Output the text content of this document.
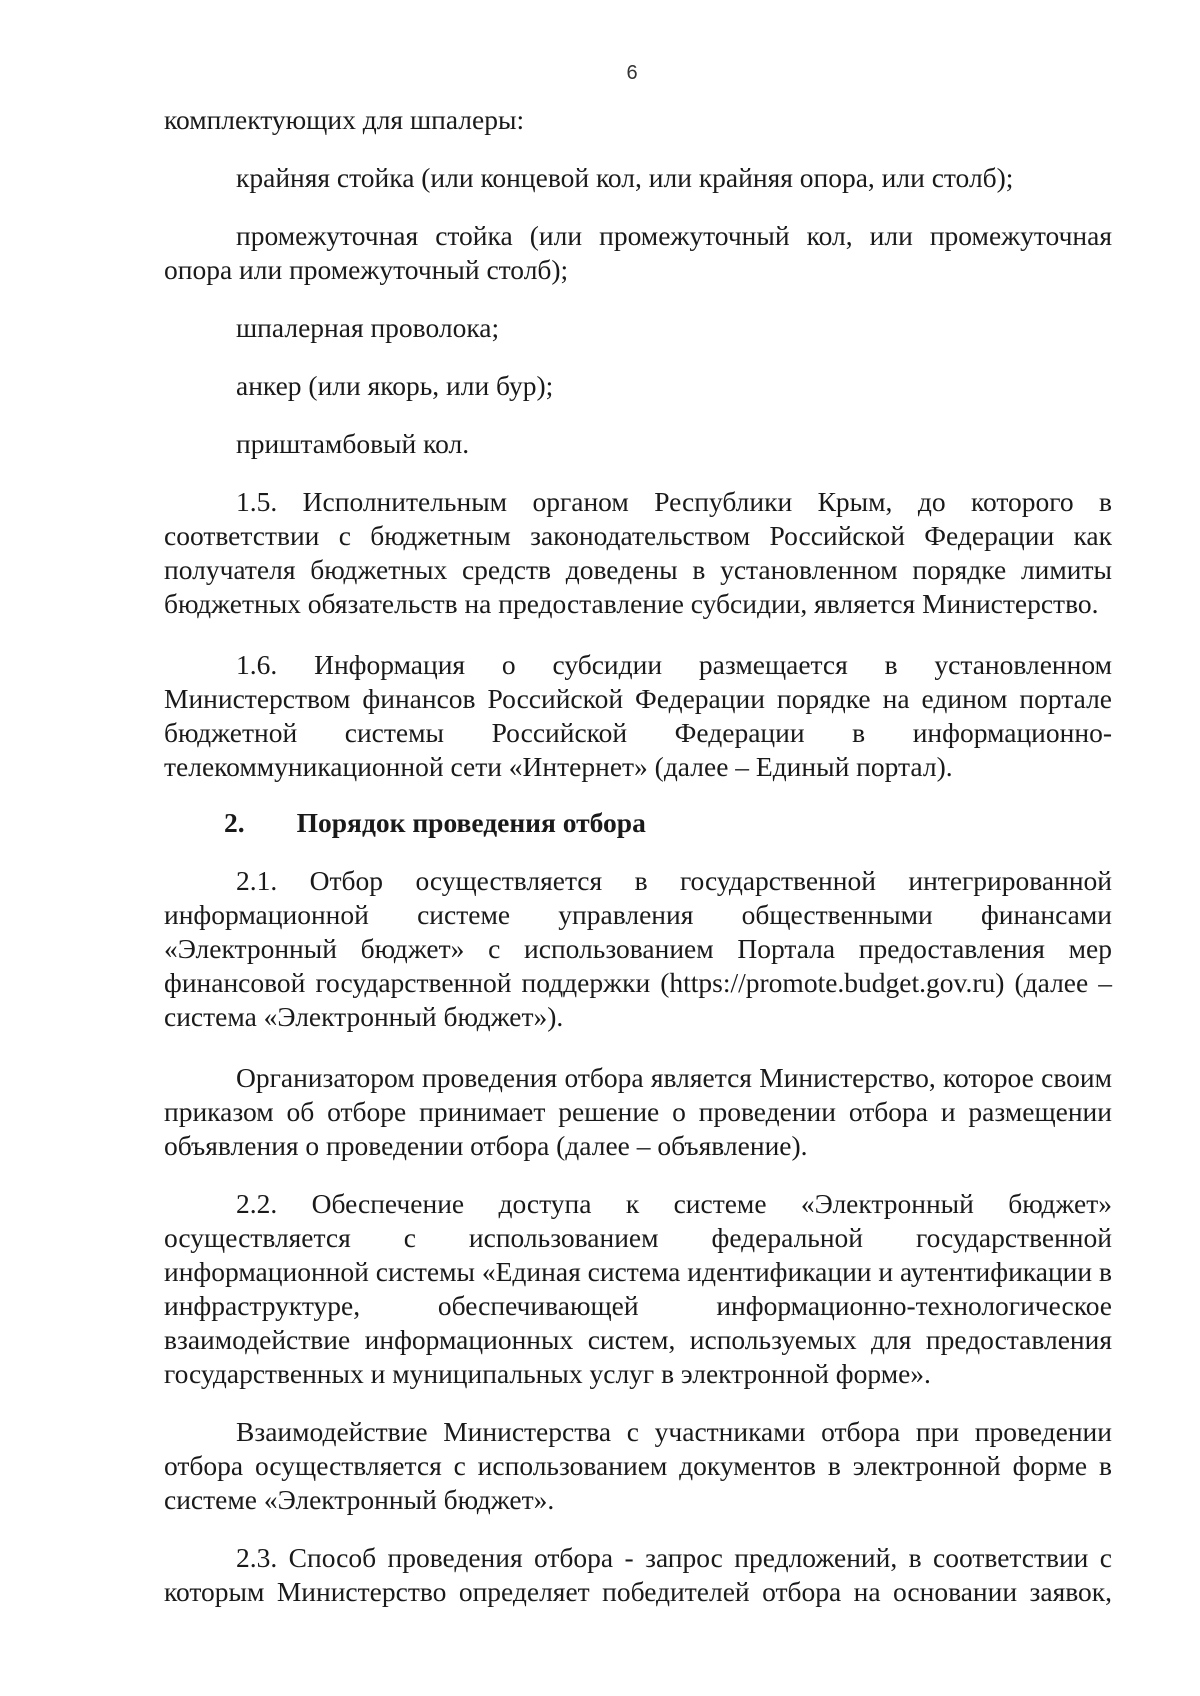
6

комплектующих для шпалеры:

крайняя стойка (или концевой кол, или крайняя опора, или столб);

промежуточная стойка (или промежуточный кол, или промежуточная опора или промежуточный столб);

шпалерная проволока;

анкер (или якорь, или бур);

приштамбовый кол.

1.5. Исполнительным органом Республики Крым, до которого в соответствии с бюджетным законодательством Российской Федерации как получателя бюджетных средств доведены в установленном порядке лимиты бюджетных обязательств на предоставление субсидии, является Министерство.

1.6. Информация о субсидии размещается в установленном Министерством финансов Российской Федерации порядке на едином портале бюджетной системы Российской Федерации в информационно-телекоммуникационной сети «Интернет» (далее – Единый портал).

2. Порядок проведения отбора

2.1. Отбор осуществляется в государственной интегрированной информационной системе управления общественными финансами «Электронный бюджет» с использованием Портала предоставления мер финансовой государственной поддержки (https://promote.budget.gov.ru) (далее – система «Электронный бюджет»).

Организатором проведения отбора является Министерство, которое своим приказом об отборе принимает решение о проведении отбора и размещении объявления о проведении отбора (далее – объявление).

2.2. Обеспечение доступа к системе «Электронный бюджет» осуществляется с использованием федеральной государственной информационной системы «Единая система идентификации и аутентификации в инфраструктуре, обеспечивающей информационно-технологическое взаимодействие информационных систем, используемых для предоставления государственных и муниципальных услуг в электронной форме».

Взаимодействие Министерства с участниками отбора при проведении отбора осуществляется с использованием документов в электронной форме в системе «Электронный бюджет».

2.3. Способ проведения отбора - запрос предложений, в соответствии с которым Министерство определяет победителей отбора на основании заявок,
